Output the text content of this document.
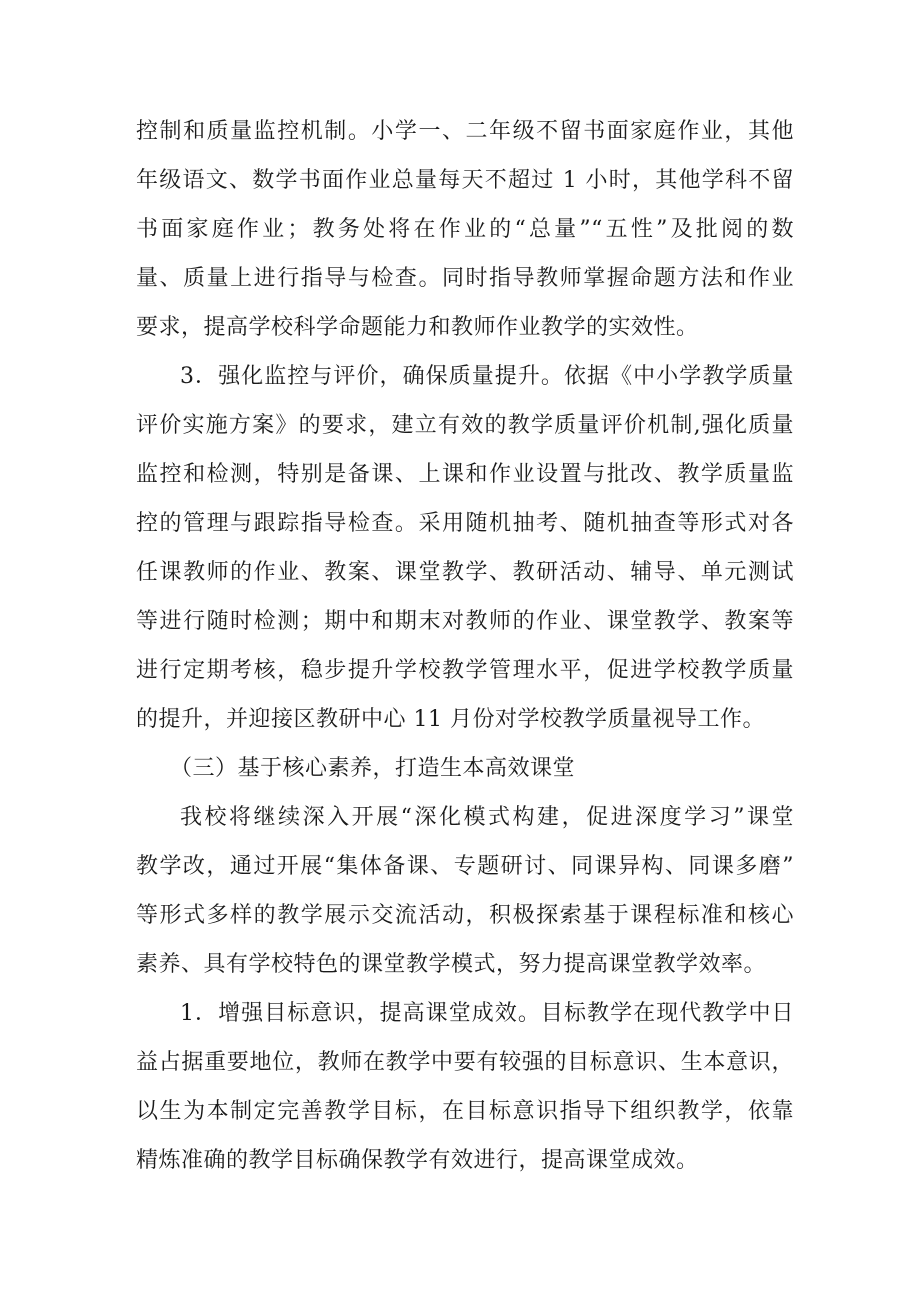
控制和质量监控机制。小学一、二年级不留书面家庭作业，其他
年级语文、数学书面作业总量每天不超过 1 小时，其他学科不留
书面家庭作业；教务处将在作业的“总量”“五性”及批阅的数
量、质量上进行指导与检查。同时指导教师掌握命题方法和作业
要求，提高学校科学命题能力和教师作业教学的实效性。
3．强化监控与评价，确保质量提升。依据《中小学教学质量
评价实施方案》的要求，建立有效的教学质量评价机制,强化质量
监控和检测，特别是备课、上课和作业设置与批改、教学质量监
控的管理与跟踪指导检查。采用随机抽考、随机抽查等形式对各
任课教师的作业、教案、课堂教学、教研活动、辅导、单元测试
等进行随时检测；期中和期末对教师的作业、课堂教学、教案等
进行定期考核，稳步提升学校教学管理水平，促进学校教学质量
的提升，并迎接区教研中心 11 月份对学校教学质量视导工作。
（三）基于核心素养，打造生本高效课堂
我校将继续深入开展“深化模式构建，促进深度学习”课堂
教学改，通过开展“集体备课、专题研讨、同课异构、同课多磨”
等形式多样的教学展示交流活动，积极探索基于课程标准和核心
素养、具有学校特色的课堂教学模式，努力提高课堂教学效率。
1．增强目标意识，提高课堂成效。目标教学在现代教学中日
益占据重要地位，教师在教学中要有较强的目标意识、生本意识，
以生为本制定完善教学目标，在目标意识指导下组织教学，依靠
精炼准确的教学目标确保教学有效进行，提高课堂成效。
